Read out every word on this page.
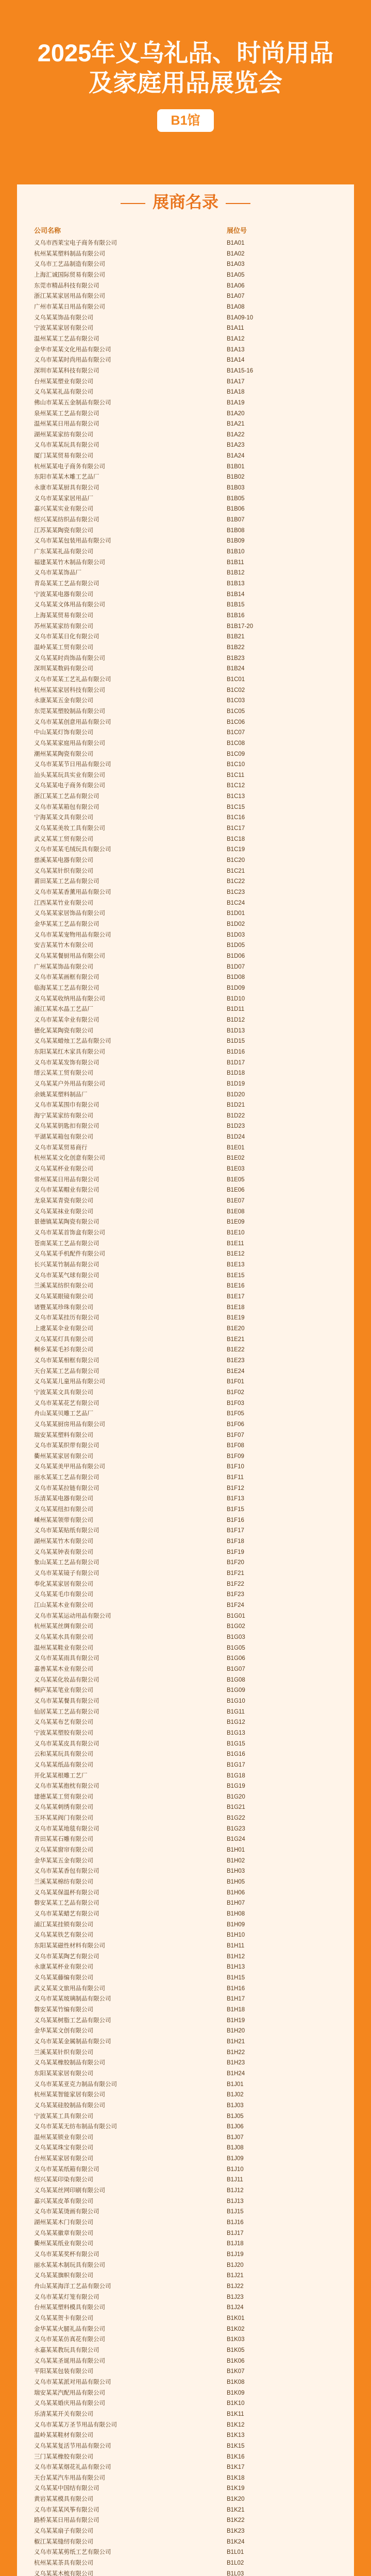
2025年义乌礼品、时尚用品
及家庭用品展览会
B1馆
展商名录
公司名称	展位号
义乌市西莱宝电子商务有限公司	B1A01
杭州某某塑料制品有限公司	B1A02
义乌市工艺品制造有限公司	B1A03
上海汇诚国际贸易有限公司	B1A05
东莞市精品科技有限公司	B1A06
浙江某某家居用品有限公司	B1A07
广州市某某日用品有限公司	B1A08
义乌某某饰品有限公司	B1A09-10
宁波某某家居有限公司	B1A11
温州某某工艺品有限公司	B1A12
金华市某某文化用品有限公司	B1A13
义乌市某某时尚用品有限公司	B1A14
深圳市某某科技有限公司	B1A15-16
台州某某塑业有限公司	B1A17
义乌某某礼品有限公司	B1A18
佛山市某某五金制品有限公司	B1A19
泉州某某工艺品有限公司	B1A20
温州某某日用品有限公司	B1A21
湖州某某家纺有限公司	B1A22
义乌市某某玩具有限公司	B1A23
厦门某某贸易有限公司	B1A24
杭州某某电子商务有限公司	B1B01
东阳市某某木雕工艺品厂	B1B02
永康市某某厨具有限公司	B1B03
义乌市某某家居用品厂	B1B05
嘉兴某某实业有限公司	B1B06
绍兴某某纺织品有限公司	B1B07
江苏某某陶瓷有限公司	B1B08
义乌市某某包装用品有限公司	B1B09
广东某某礼品有限公司	B1B10
福建某某竹木制品有限公司	B1B11
义乌市某某饰品厂	B1B12
青岛某某工艺品有限公司	B1B13
宁波某某电器有限公司	B1B14
义乌某某文体用品有限公司	B1B15
上海某某贸易有限公司	B1B16
苏州某某家纺有限公司	B1B17-20
义乌市某某日化有限公司	B1B21
温岭某某工贸有限公司	B1B22
义乌某某时尚饰品有限公司	B1B23
深圳某某数码有限公司	B1B24
义乌市某某工艺礼品有限公司	B1C01
杭州某某家居科技有限公司	B1C02
永康某某五金有限公司	B1C03
东莞某某塑胶制品有限公司	B1C05
义乌市某某创意用品有限公司	B1C06
中山某某灯饰有限公司	B1C07
义乌某某家庭用品有限公司	B1C08
潮州某某陶瓷有限公司	B1C09
义乌市某某节日用品有限公司	B1C10
汕头某某玩具实业有限公司	B1C11
义乌某某电子商务有限公司	B1C12
浙江某某工艺品有限公司	B1C13
义乌市某某箱包有限公司	B1C15
宁海某某文具有限公司	B1C16
义乌某某美妆工具有限公司	B1C17
武义某某工贸有限公司	B1C18
义乌市某某毛绒玩具有限公司	B1C19
慈溪某某电器有限公司	B1C20
义乌某某针织有限公司	B1C21
莆田某某工艺品有限公司	B1C22
义乌市某某香薰用品有限公司	B1C23
江西某某竹业有限公司	B1C24
义乌某某家居饰品有限公司	B1D01
金华某某工艺品有限公司	B1D02
义乌市某某宠物用品有限公司	B1D03
安吉某某竹木有限公司	B1D05
义乌某某餐厨用品有限公司	B1D06
广州某某饰品有限公司	B1D07
义乌市某某画框有限公司	B1D08
临海某某工艺品有限公司	B1D09
义乌某某收纳用品有限公司	B1D10
浦江某某水晶工艺品厂	B1D11
义乌市某某伞业有限公司	B1D12
德化某某陶瓷有限公司	B1D13
义乌某某蜡烛工艺品有限公司	B1D15
东阳某某红木家具有限公司	B1D16
义乌市某某发饰有限公司	B1D17
缙云某某工贸有限公司	B1D18
义乌某某户外用品有限公司	B1D19
余姚某某塑料制品厂	B1D20
义乌市某某围巾有限公司	B1D21
海宁某某家纺有限公司	B1D22
义乌某某钥匙扣有限公司	B1D23
平湖某某箱包有限公司	B1D24
义乌市某某贸易商行	B1E01
杭州某某文化创意有限公司	B1E02
义乌某某杯业有限公司	B1E03
常州某某日用品有限公司	B1E05
义乌市某某帽业有限公司	B1E06
龙泉某某青瓷有限公司	B1E07
义乌某某袜业有限公司	B1E08
景德镇某某陶瓷有限公司	B1E09
义乌市某某首饰盒有限公司	B1E10
苍南某某工艺品有限公司	B1E11
义乌某某手机配件有限公司	B1E12
长兴某某竹制品有限公司	B1E13
义乌市某某气球有限公司	B1E15
兰溪某某纺织有限公司	B1E16
义乌某某眼镜有限公司	B1E17
诸暨某某珍珠有限公司	B1E18
义乌市某某挂历有限公司	B1E19
上虞某某伞业有限公司	B1E20
义乌某某灯具有限公司	B1E21
桐乡某某毛衫有限公司	B1E22
义乌市某某相框有限公司	B1E23
天台某某工艺品有限公司	B1E24
义乌某某儿童用品有限公司	B1F01
宁波某某文具有限公司	B1F02
义乌市某某花艺有限公司	B1F03
舟山某某贝雕工艺品厂	B1F05
义乌某某厨房用品有限公司	B1F06
瑞安某某塑料有限公司	B1F07
义乌市某某织带有限公司	B1F08
衢州某某家居有限公司	B1F09
义乌某某美甲用品有限公司	B1F10
丽水某某工艺品有限公司	B1F11
义乌市某某拉链有限公司	B1F12
乐清某某电器有限公司	B1F13
义乌某某纽扣有限公司	B1F15
嵊州某某领带有限公司	B1F16
义乌市某某贴纸有限公司	B1F17
湖州某某竹木有限公司	B1F18
义乌某某钟表有限公司	B1F19
象山某某工艺品有限公司	B1F20
义乌市某某镜子有限公司	B1F21
奉化某某家居有限公司	B1F22
义乌某某毛巾有限公司	B1F23
江山某某木业有限公司	B1F24
义乌市某某运动用品有限公司	B1G01
杭州某某丝绸有限公司	B1G02
义乌某某水具有限公司	B1G03
温州某某鞋业有限公司	B1G05
义乌市某某雨具有限公司	B1G06
嘉善某某木业有限公司	B1G07
义乌某某化妆品有限公司	B1G08
桐庐某某笔业有限公司	B1G09
义乌市某某餐具有限公司	B1G10
仙居某某工艺品有限公司	B1G11
义乌某某布艺有限公司	B1G12
宁波某某塑胶有限公司	B1G13
义乌市某某皮具有限公司	B1G15
云和某某玩具有限公司	B1G16
义乌某某纸品有限公司	B1G17
开化某某根雕工艺厂	B1G18
义乌市某某抱枕有限公司	B1G19
建德某某工贸有限公司	B1G20
义乌某某刺绣有限公司	B1G21
玉环某某阀门有限公司	B1G22
义乌市某某地毯有限公司	B1G23
青田某某石雕有限公司	B1G24
义乌某某窗帘有限公司	B1H01
金华某某五金有限公司	B1H02
义乌市某某香包有限公司	B1H03
兰溪某某棉纺有限公司	B1H05
义乌某某保温杯有限公司	B1H06
磐安某某工艺品有限公司	B1H07
义乌市某某蜡艺有限公司	B1H08
浦江某某挂锁有限公司	B1H09
义乌某某铁艺有限公司	B1H10
东阳某某磁性材料有限公司	B1H11
义乌市某某陶艺有限公司	B1H12
永康某某杯业有限公司	B1H13
义乌某某藤编有限公司	B1H15
武义某某文旅用品有限公司	B1H16
义乌市某某玻璃制品有限公司	B1H17
磐安某某竹编有限公司	B1H18
义乌某某树脂工艺品有限公司	B1H19
金华某某文创有限公司	B1H20
义乌市某某金属制品有限公司	B1H21
兰溪某某针织有限公司	B1H22
义乌某某橡胶制品有限公司	B1H23
东阳某某家居有限公司	B1H24
义乌市某某亚克力制品有限公司	B1J01
杭州某某智能家居有限公司	B1J02
义乌某某硅胶制品有限公司	B1J03
宁波某某工具有限公司	B1J05
义乌市某某无纺布制品有限公司	B1J06
温州某某锁业有限公司	B1J07
义乌某某珠宝有限公司	B1J08
台州某某家居有限公司	B1J09
义乌市某某纸箱有限公司	B1J10
绍兴某某印染有限公司	B1J11
义乌某某丝网印刷有限公司	B1J12
嘉兴某某皮革有限公司	B1J13
义乌市某某烫画有限公司	B1J15
湖州某某木门有限公司	B1J16
义乌某某徽章有限公司	B1J17
衢州某某纸业有限公司	B1J18
义乌市某某奖杯有限公司	B1J19
丽水某某木制玩具有限公司	B1J20
义乌某某旗帜有限公司	B1J21
舟山某某海洋工艺品有限公司	B1J22
义乌市某某灯笼有限公司	B1J23
台州某某塑料模具有限公司	B1J24
义乌某某贺卡有限公司	B1K01
金华某某火腿礼品有限公司	B1K02
义乌市某某仿真花有限公司	B1K03
永嘉某某教玩具有限公司	B1K05
义乌某某圣诞用品有限公司	B1K06
平阳某某包装有限公司	B1K07
义乌市某某派对用品有限公司	B1K08
瑞安某某汽配用品有限公司	B1K09
义乌某某婚庆用品有限公司	B1K10
乐清某某开关有限公司	B1K11
义乌市某某万圣节用品有限公司	B1K12
温岭某某鞋材有限公司	B1K13
义乌某某复活节用品有限公司	B1K15
三门某某橡胶有限公司	B1K16
义乌市某某烟花礼品有限公司	B1K17
天台某某汽车用品有限公司	B1K18
义乌某某中国结有限公司	B1K19
黄岩某某模具有限公司	B1K20
义乌市某某风筝有限公司	B1K21
路桥某某日用品有限公司	B1K22
义乌某某扇子有限公司	B1K23
椒江某某缝纫有限公司	B1K24
义乌市某某剪纸工艺有限公司	B1L01
杭州某某茶具有限公司	B1L02
义乌某某木梳有限公司	B1L03
